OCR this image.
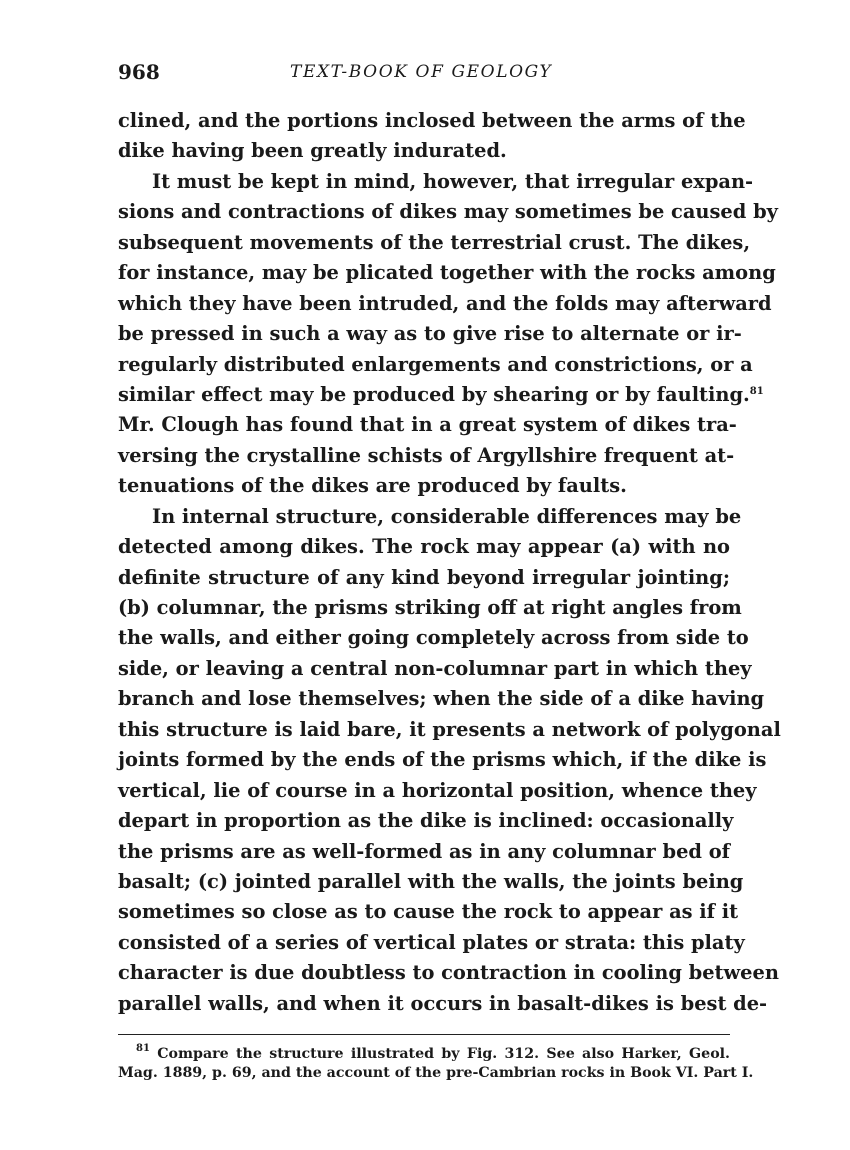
968	TEXT-BOOK OF GEOLOGY
clined, and the portions inclosed between the arms of the
dike having been greatly indurated.
It must be kept in mind, however, that irregular expan-
sions and contractions of dikes may sometimes be caused by
subsequent movements of the terrestrial crust. The dikes,
for instance, may be plicated together with the rocks among
which they have been intruded, and the folds may afterward
be pressed in such a way as to give rise to alternate or ir-
regularly distributed enlargements and constrictions, or a
similar effect may be produced by shearing or by faulting.$^{81}$
Mr. Clough has found that in a great system of dikes tra-
versing the crystalline schists of Argyllshire frequent at-
tenuations of the dikes are produced by faults.
In internal structure, considerable differences may be
detected among dikes. The rock may appear (a) with no
definite structure of any kind beyond irregular jointing;
(b) columnar, the prisms striking off at right angles from
the walls, and either going completely across from side to
side, or leaving a central non-columnar part in which they
branch and lose themselves; when the side of a dike having
this structure is laid bare, it presents a network of polygonal
joints formed by the ends of the prisms which, if the dike is
vertical, lie of course in a horizontal position, whence they
depart in proportion as the dike is inclined: occasionally
the prisms are as well-formed as in any columnar bed of
basalt; (c) jointed parallel with the walls, the joints being
sometimes so close as to cause the rock to appear as if it
consisted of a series of vertical plates or strata: this platy
character is due doubtless to contraction in cooling between
parallel walls, and when it occurs in basalt-dikes is best de-
$^{81}$ Compare the structure illustrated by Fig. 312. See also Harker, Geol.
Mag. 1889, p. 69, and the account of the pre-Cambrian rocks in Book VI. Part I.
